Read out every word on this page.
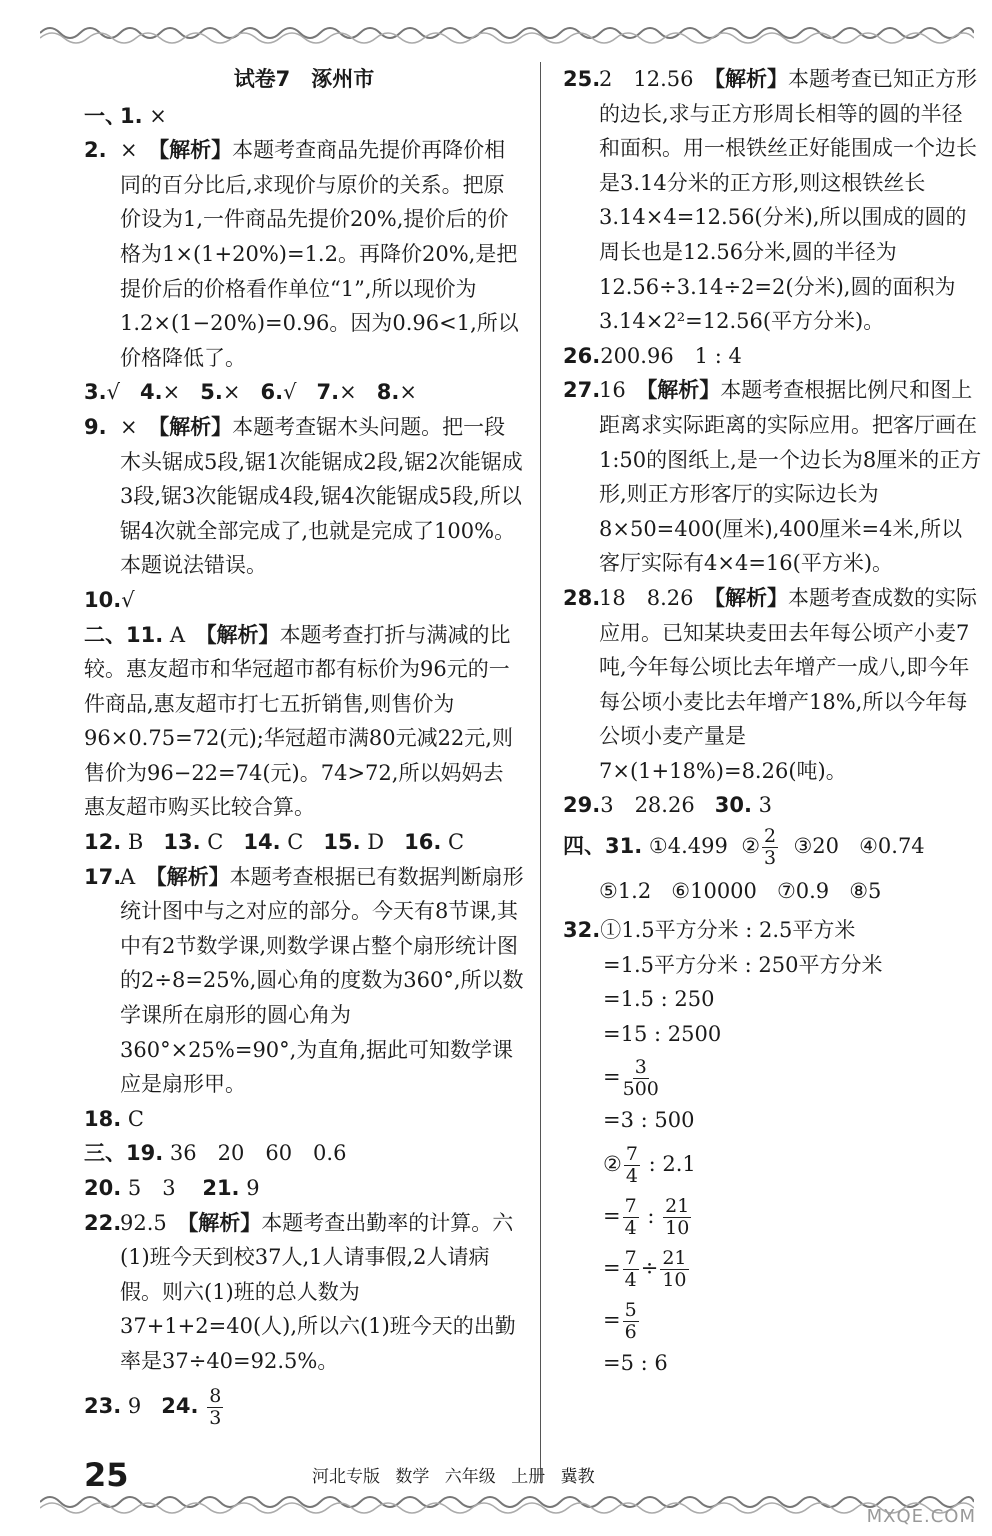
试卷7　涿州市
一、
1. ×
2. ×　 【解析】本题考查商品先提价再降价相同的百分比后,求现价与原价的关系。把原价设为1,一件商品先提价20%,提价后的价格为1×(1+20%)=1.2。再降价20%,是把提价后的价格看作单位“1”,所以现价为1.2×(1−20%)=0.96。因为0.96<1,所以价格降低了。
3.√ 4.× 5.× 6.√ 7.× 8.×
9. ×　 【解析】本题考查锯木头问题。把一段木头锯成5段,锯1次能锯成2段,锯2次能锯成3段,锯3次能锯成4段,锯4次能锯成5段,所以锯4次就全部完成了,也就是完成了100%。本题说法错误。
10.√
二、11. A　 【解析】本题考查打折与满减的比较。惠友超市和华冠超市都有标价为96元的一件商品,惠友超市打七五折销售,则售价为96×0.75=72(元);华冠超市满80元减22元,则售价为96−22=74(元)。74>72,所以妈妈去惠友超市购买比较合算。
12. B 13. C 14. C 15. D 16. C
17.
A　 【解析】本题考查根据已有数据判断扇形统计图中与之对应的部分。今天有8节课,其中有2节数学课,则数学课占整个扇形统计图的2÷8=25%,圆心角的度数为360°,所以数学课所在扇形的圆心角为360°×25%=90°,为直角,据此可知数学课应是扇形甲。
18. C
三、19. 36　20　60　0.6
20. 5　3 21. 9
22.
92.5　 【解析】本题考查出勤率的计算。六(1)班今天到校37人,1人请事假,2人请病假。则六(1)班的总人数为37+1+2=40(人),所以六(1)班今天的出勤率是37÷40=92.5%。
23. 9 24. $\frac{8}{3}$
25.
2　12.56　 【解析】本题考查已知正方形的边长,求与正方形周长相等的圆的半径和面积。用一根铁丝正好能围成一个边长是3.14分米的正方形,则这根铁丝长3.14×4=12.56(分米),所以围成的圆的周长也是12.56分米,圆的半径为12.56÷3.14÷2=2(分米),圆的面积为3.14×2²=12.56(平方分米)。
26.200.96　1 : 4
27.
16　 【解析】本题考查根据比例尺和图上距离求实际距离的实际应用。把客厅画在1:50的图纸上,是一个边长为8厘米的正方形,则正方形客厅的实际边长为8×50=400(厘米),400厘米=4米,所以客厅实际有4×4=16(平方米)。
28.
18　8.26　 【解析】本题考查成数的实际应用。已知某块麦田去年每公顷产小麦7吨,今年每公顷比去年增产一成八,即今年每公顷小麦比去年增产18%,所以今年每公顷小麦产量是7×(1+18%)=8.26(吨)。
29.3　28.26 30. 3
四、31. ①4.499 ② $\frac{2}{3}$ ③20 ④0.74
⑤1.2 ⑥10000 ⑦0.9 ⑧5
32.①1.5平方分米 : 2.5平方米
=1.5平方分米 : 250平方分米
=1.5 : 250
=15 : 2500
= $\frac{3}{500}$
=3 : 500
② $\frac{7}{4}$ : 2.1
= $\frac{7}{4}$ : $\frac{21}{10}$
= $\frac{7}{4} \div \frac{21}{10}$
= $\frac{5}{6}$
=5 : 6
25	河北专版 数学 六年级 上册 冀教
MXQE.COM
